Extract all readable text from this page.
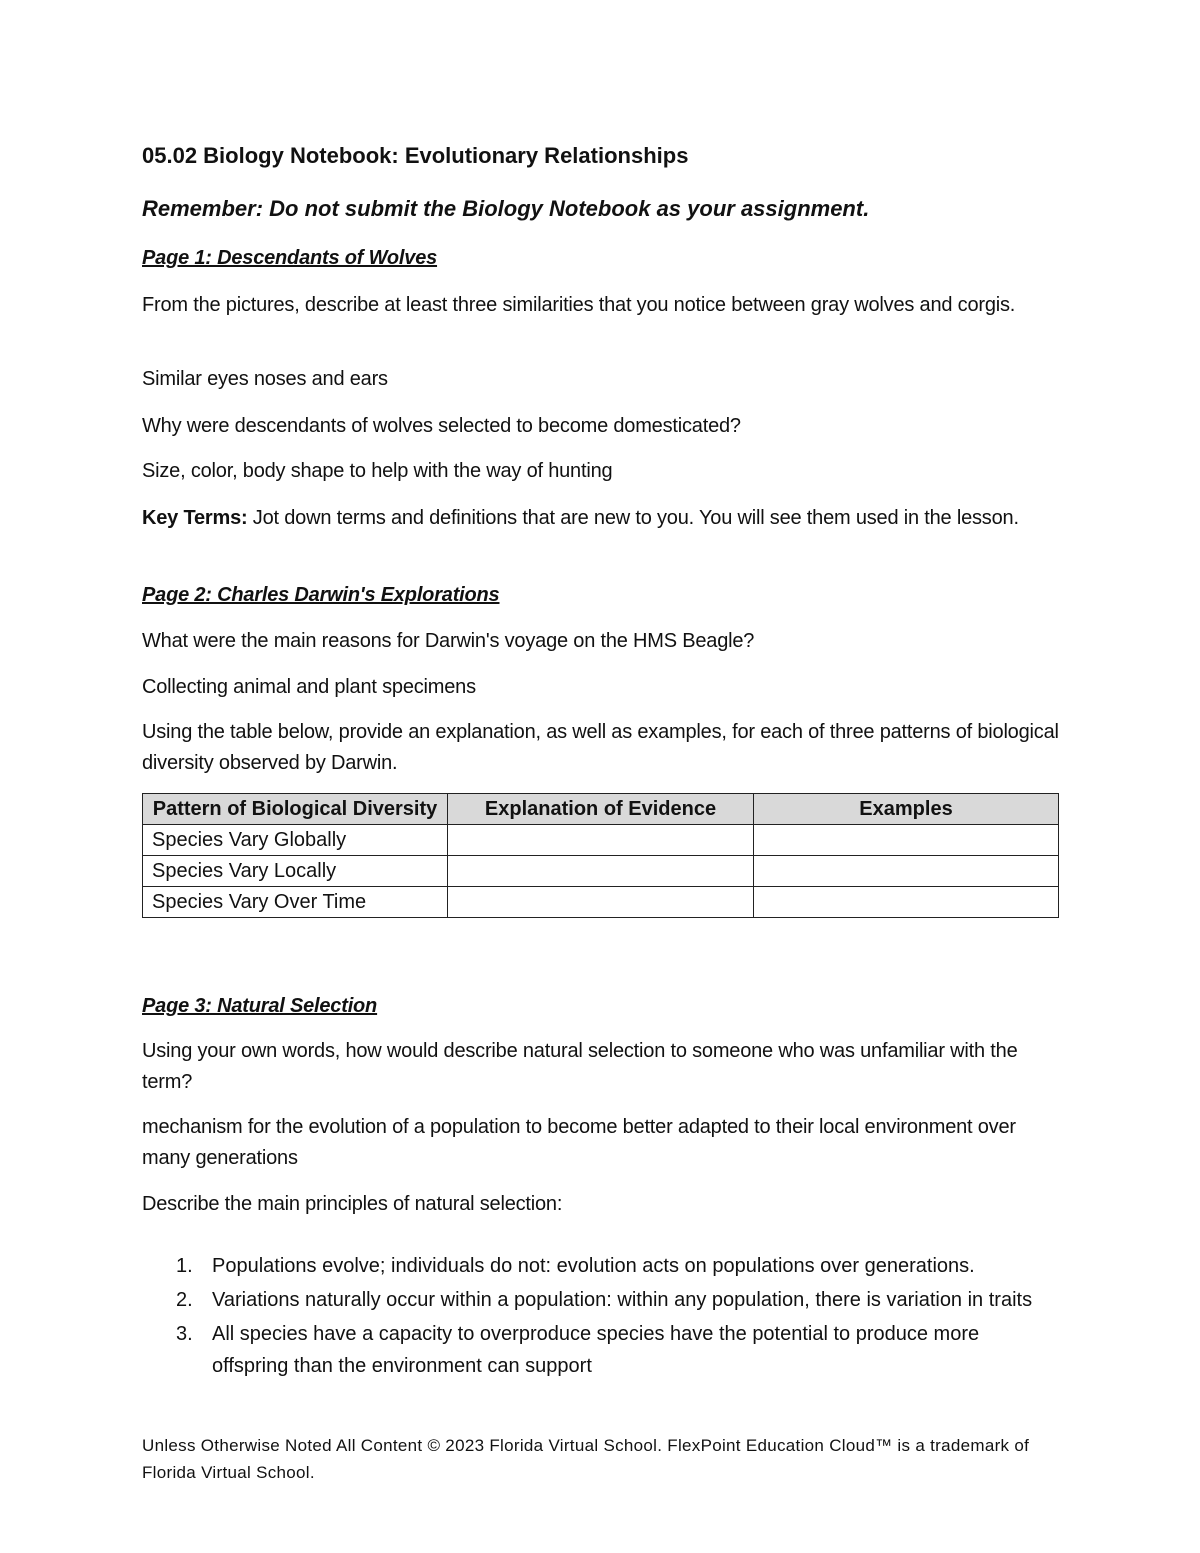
05.02 Biology Notebook: Evolutionary Relationships
Remember: Do not submit the Biology Notebook as your assignment.
Page 1: Descendants of Wolves
From the pictures, describe at least three similarities that you notice between gray wolves and corgis.
Similar eyes noses and ears
Why were descendants of wolves selected to become domesticated?
Size, color, body shape to help with the way of hunting
Key Terms: Jot down terms and definitions that are new to you. You will see them used in the lesson.
Page 2: Charles Darwin's Explorations
What were the main reasons for Darwin's voyage on the HMS Beagle?
Collecting animal and plant specimens
Using the table below, provide an explanation, as well as examples, for each of three patterns of biological diversity observed by Darwin.
Pattern of Biological Diversity	Explanation of Evidence	Examples
Species Vary Globally		
Species Vary Locally		
Species Vary Over Time		
Page 3: Natural Selection
Using your own words, how would describe natural selection to someone who was unfamiliar with the term?
mechanism for the evolution of a population to become better adapted to their local environment over many generations
Describe the main principles of natural selection:
1. Populations evolve; individuals do not: evolution acts on populations over generations.
2. Variations naturally occur within a population: within any population, there is variation in traits
3. All species have a capacity to overproduce species have the potential to produce more offspring than the environment can support
Unless Otherwise Noted All Content © 2023 Florida Virtual School. FlexPoint Education Cloud™ is a trademark of Florida Virtual School.
